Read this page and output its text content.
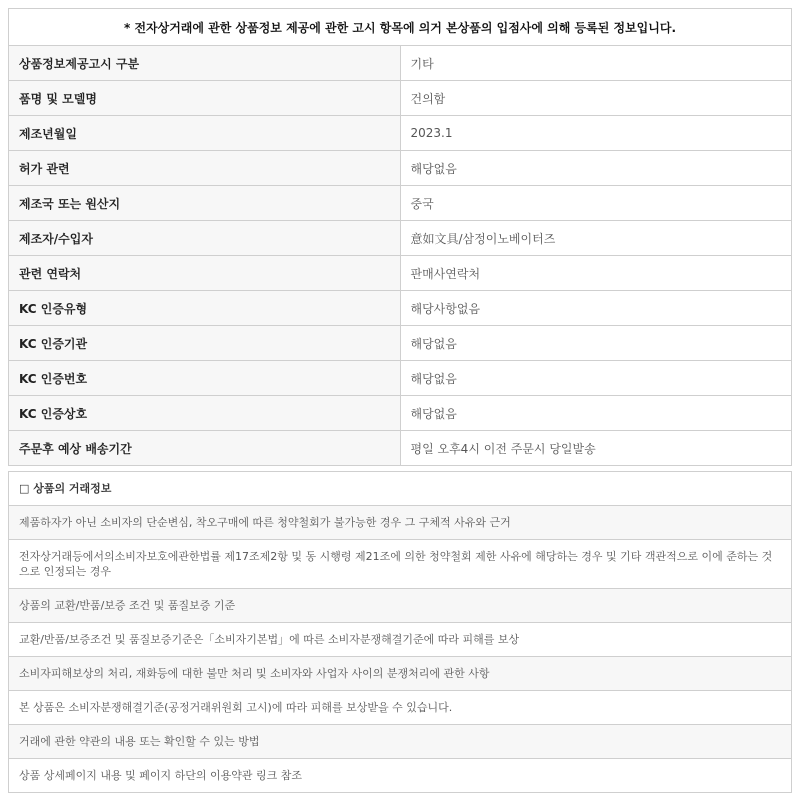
* 전자상거래에 관한 상품정보 제공에 관한 고시 항목에 의거 본상품의 입점사에 의해 등록된 정보입니다.	
상품정보제공고시 구분	기타
품명 및 모델명	건의함
제조년월일	2023.1
허가 관련	해당없음
제조국 또는 원산지	중국
제조자/수입자	意如文具/삼정이노베이터즈
관련 연락처	판매사연락처
KC 인증유형	해당사항없음
KC 인증기관	해당없음
KC 인증번호	해당없음
KC 인증상호	해당없음
주문후 예상 배송기간	평일 오후4시 이전 주문시 당일발송
□ 상품의 거래정보
제품하자가 아닌 소비자의 단순변심, 착오구매에 따른 청약철회가 불가능한 경우 그 구체적 사유와 근거
전자상거래등에서의소비자보호에관한법률 제17조제2항 및 동 시행령 제21조에 의한 청약철회 제한 사유에 해당하는 경우 및 기타 객관적으로 이에 준하는 것으로 인정되는 경우
상품의 교환/반품/보증 조건 및 품질보증 기준
교환/반품/보증조건 및 품질보증기준은「소비자기본법」에 따른 소비자분쟁해결기준에 따라 피해를 보상
소비자피해보상의 처리, 재화등에 대한 불만 처리 및 소비자와 사업자 사이의 분쟁처리에 관한 사항
본 상품은 소비자분쟁해결기준(공정거래위원회 고시)에 따라 피해를 보상받을 수 있습니다.
거래에 관한 약관의 내용 또는 확인할 수 있는 방법
상품 상세페이지 내용 및 페이지 하단의 이용약관 링크 참조
